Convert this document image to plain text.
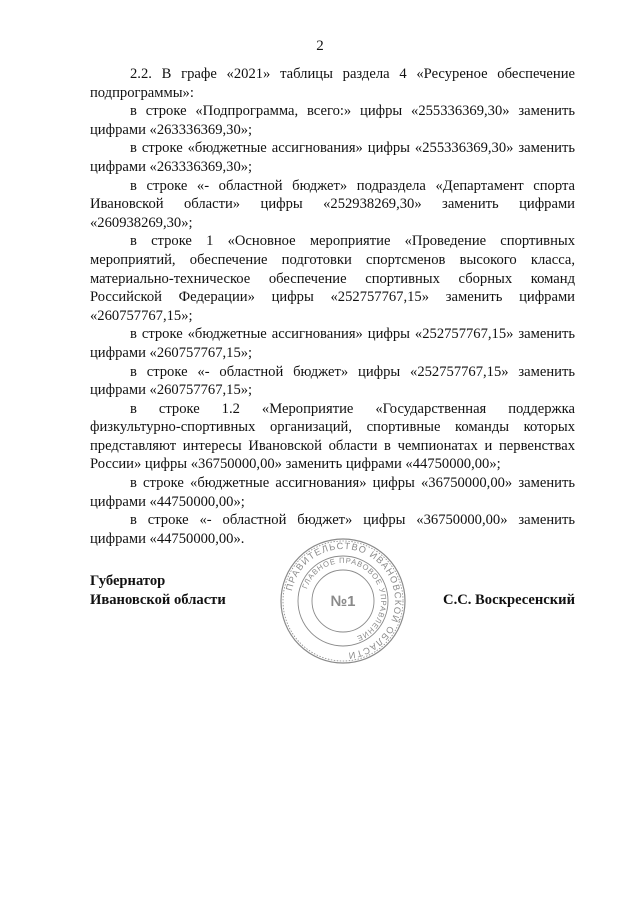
2

2.2. В графе «2021» таблицы раздела 4 «Ресуреное обеспечение подпрограммы»:

в строке «Подпрограмма, всего:» цифры «255336369,30» заменить цифрами «263336369,30»;

в строке «бюджетные ассигнования» цифры «255336369,30» заменить цифрами «263336369,30»;

в строке «- областной бюджет» подраздела «Департамент спорта Ивановской области» цифры «252938269,30» заменить цифрами «260938269,30»;

в строке 1 «Основное мероприятие «Проведение спортивных мероприятий, обеспечение подготовки спортсменов высокого класса, материально-техническое обеспечение спортивных сборных команд Российской Федерации» цифры «252757767,15» заменить цифрами «260757767,15»;

в строке «бюджетные ассигнования» цифры «252757767,15» заменить цифрами «260757767,15»;

в строке «- областной бюджет» цифры «252757767,15» заменить цифрами «260757767,15»;

в строке 1.2 «Мероприятие «Государственная поддержка физкультурно-спортивных организаций, спортивные команды которых представляют интересы Ивановской области в чемпионатах и первенствах России» цифры «36750000,00» заменить цифрами «44750000,00»;

в строке «бюджетные ассигнования» цифры «36750000,00» заменить цифрами «44750000,00»;

в строке «- областной бюджет» цифры «36750000,00» заменить цифрами «44750000,00».

Губернатор
Ивановской области
ПРАВИТЕЛЬСТВО ИВАНОВСКОЙ ОБЛАСТИ
ГЛАВНОЕ ПРАВОВОЕ УПРАВЛЕНИЕ
№1	С.С. Воскресенский
